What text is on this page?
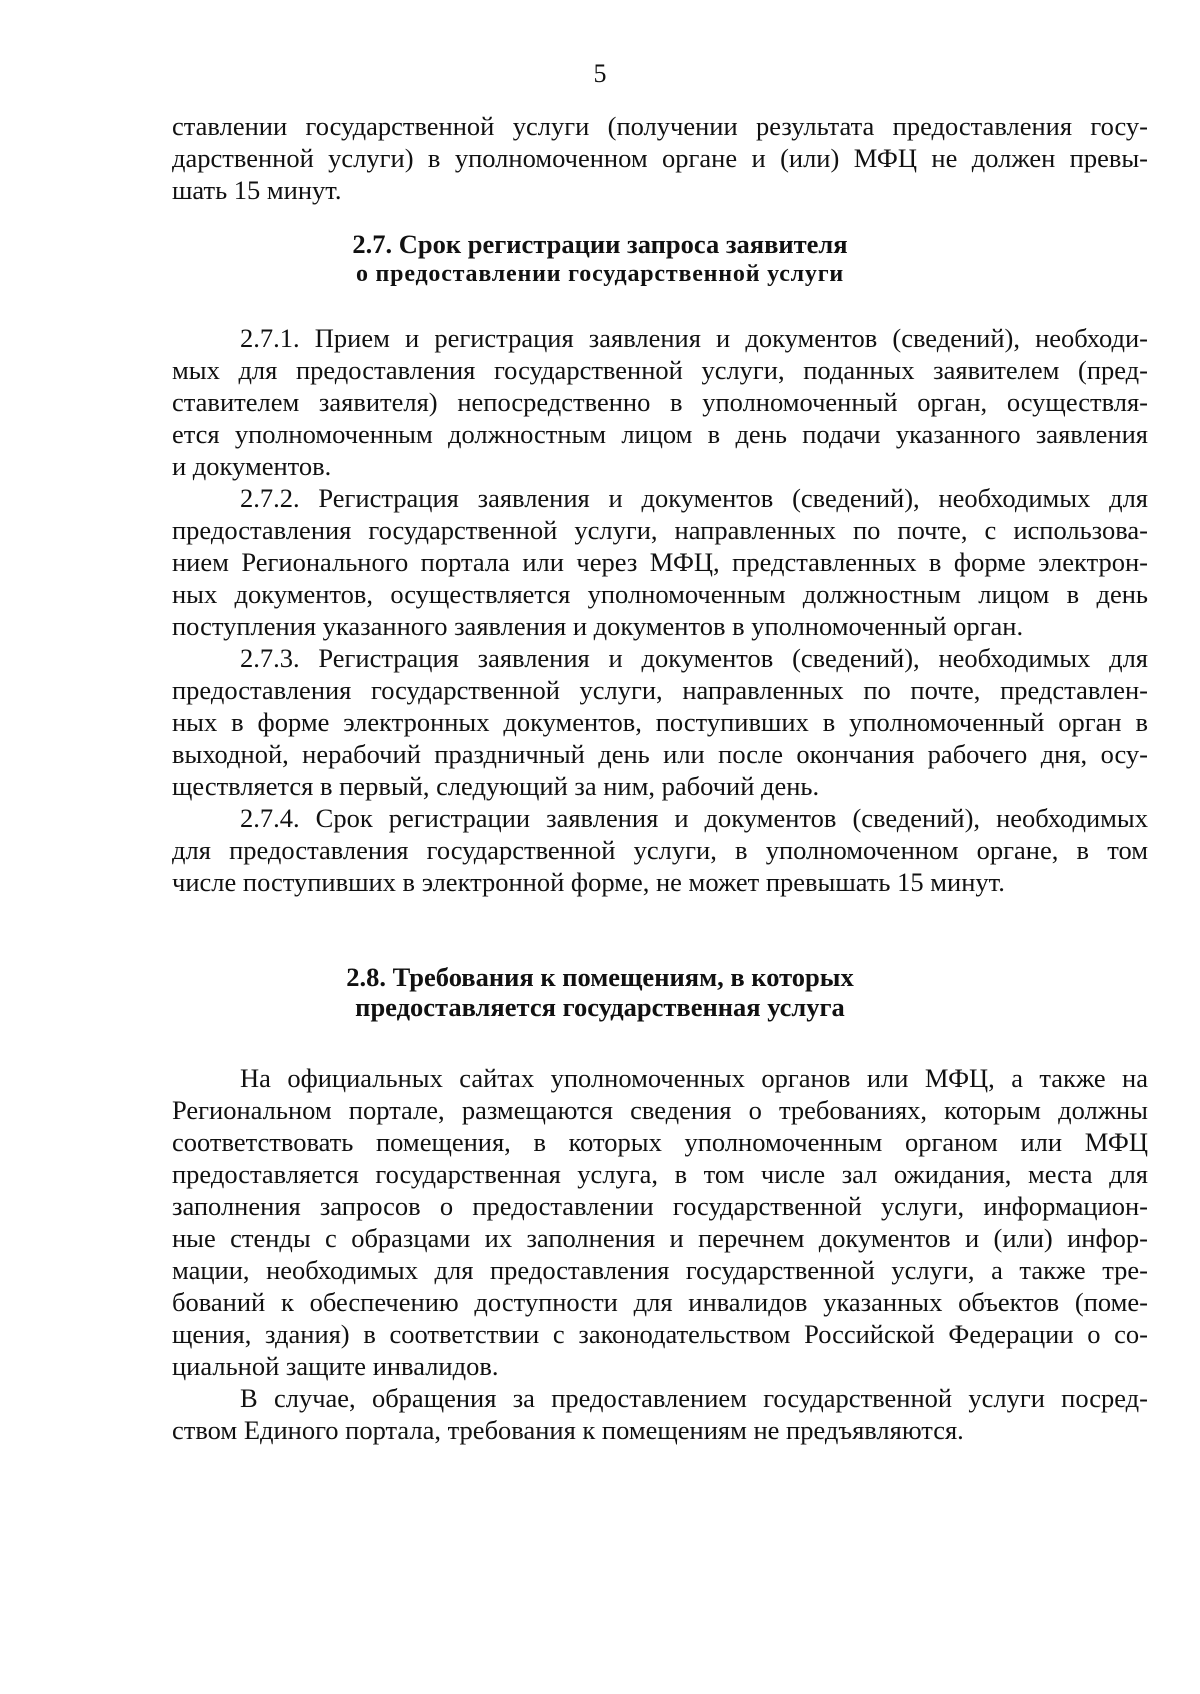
5
ставлении государственной услуги (получении результата предоставления госу-
дарственной услуги) в уполномоченном органе и (или) МФЦ не должен превы-
шать 15 минут.
2.7. Срок регистрации запроса заявителя
о предоставлении государственной услуги
2.7.1. Прием и регистрация заявления и документов (сведений), необходи-
мых для предоставления государственной услуги, поданных заявителем (пред-
ставителем заявителя) непосредственно в уполномоченный орган, осуществля-
ется уполномоченным должностным лицом в день подачи указанного заявления
и документов.
2.7.2. Регистрация заявления и документов (сведений), необходимых для
предоставления государственной услуги, направленных по почте, с использова-
нием Регионального портала или через МФЦ, представленных в форме электрон-
ных документов, осуществляется уполномоченным должностным лицом в день
поступления указанного заявления и документов в уполномоченный орган.
2.7.3. Регистрация заявления и документов (сведений), необходимых для
предоставления государственной услуги, направленных по почте, представлен-
ных в форме электронных документов, поступивших в уполномоченный орган в
выходной, нерабочий праздничный день или после окончания рабочего дня, осу-
ществляется в первый, следующий за ним, рабочий день.
2.7.4. Срок регистрации заявления и документов (сведений), необходимых
для предоставления государственной услуги, в уполномоченном органе, в том
числе поступивших в электронной форме, не может превышать 15 минут.
2.8. Требования к помещениям, в которых
предоставляется государственная услуга
На официальных сайтах уполномоченных органов или МФЦ, а также на
Региональном портале, размещаются сведения о требованиях, которым должны
соответствовать помещения, в которых уполномоченным органом или МФЦ
предоставляется государственная услуга, в том числе зал ожидания, места для
заполнения запросов о предоставлении государственной услуги, информацион-
ные стенды с образцами их заполнения и перечнем документов и (или) инфор-
мации, необходимых для предоставления государственной услуги, а также тре-
бований к обеспечению доступности для инвалидов указанных объектов (поме-
щения, здания) в соответствии с законодательством Российской Федерации о со-
циальной защите инвалидов.
В случае, обращения за предоставлением государственной услуги посред-
ством Единого портала, требования к помещениям не предъявляются.
